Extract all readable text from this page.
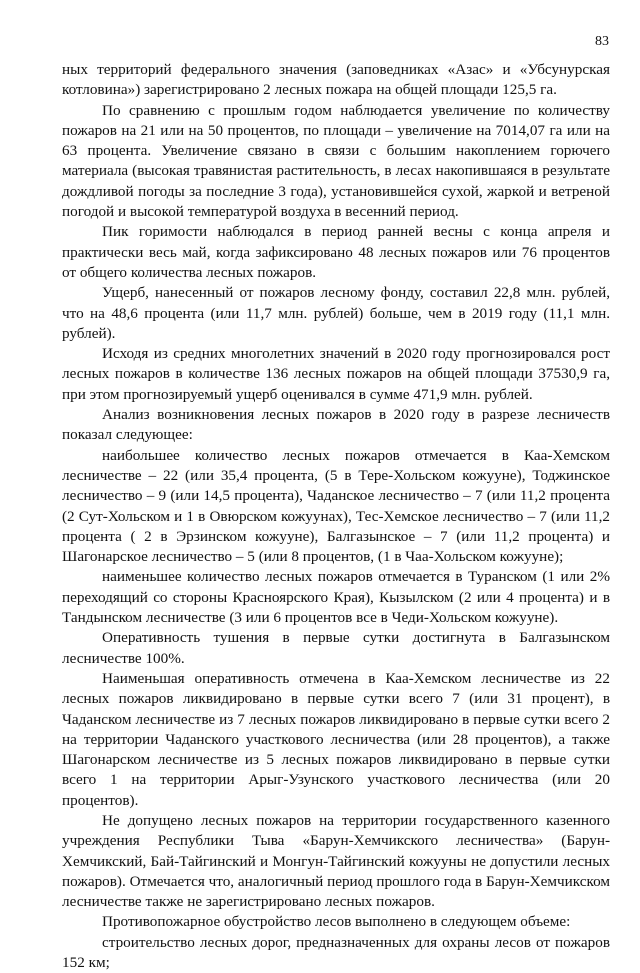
83

ных территорий федерального значения (заповедниках «Азас» и «Убсунурская котловина») зарегистрировано 2 лесных пожара на общей площади 125,5 га.

По сравнению с прошлым годом наблюдается увеличение по количеству пожаров на 21 или на 50 процентов, по площади – увеличение на 7014,07 га или на 63 процента. Увеличение связано в связи с большим накоплением горючего материала (высокая травянистая растительность, в лесах накопившаяся в результате дождливой погоды за последние 3 года), установившейся сухой, жаркой и ветреной погодой и высокой температурой воздуха в весенний период.

Пик горимости наблюдался в период ранней весны с конца апреля и практически весь май, когда зафиксировано 48 лесных пожаров или 76 процентов от общего количества лесных пожаров.

Ущерб, нанесенный от пожаров лесному фонду, составил 22,8 млн. рублей, что на 48,6 процента (или 11,7 млн. рублей) больше, чем в 2019 году (11,1 млн. рублей).

Исходя из средних многолетних значений в 2020 году прогнозировался рост лесных пожаров в количестве 136 лесных пожаров на общей площади 37530,9 га, при этом прогнозируемый ущерб оценивался в сумме 471,9 млн. рублей.

Анализ возникновения лесных пожаров в 2020 году в разрезе лесничеств показал следующее:

наибольшее количество лесных пожаров отмечается в Каа-Хемском лесничестве – 22 (или 35,4 процента, (5 в Тере-Хольском кожууне), Тоджинское лесничество – 9 (или 14,5 процента), Чаданское лесничество – 7 (или 11,2 процента (2 Сут-Хольском и 1 в Овюрском кожуунах), Тес-Хемское лесничество – 7 (или 11,2 процента ( 2 в Эрзинском кожууне), Балгазынское – 7 (или 11,2 процента) и Шагонарское лесничество – 5 (или 8 процентов, (1 в Чаа-Хольском кожууне);

наименьшее количество лесных пожаров отмечается в Туранском (1 или 2% переходящий со стороны Красноярского Края), Кызылском (2 или 4 процента) и в Тандынском лесничестве (3 или 6 процентов все в Чеди-Хольском кожууне).

Оперативность тушения в первые сутки достигнута в Балгазынском лесничестве 100%.

Наименьшая оперативность отмечена в Каа-Хемском лесничестве из 22 лесных пожаров ликвидировано в первые сутки всего 7 (или 31 процент), в Чаданском лесничестве из 7 лесных пожаров ликвидировано в первые сутки всего 2 на территории Чаданского участкового лесничества (или 28 процентов), а также Шагонарском лесничестве из 5 лесных пожаров ликвидировано в первые сутки всего 1 на территории Арыг-Узунского участкового лесничества (или 20 процентов).

Не допущено лесных пожаров на территории государственного казенного учреждения Республики Тыва «Барун-Хемчикского лесничества» (Барун-Хемчикский, Бай-Тайгинский и Монгун-Тайгинский кожууны не допустили лесных пожаров). Отмечается что, аналогичный период прошлого года в Барун-Хемчикском лесничестве также не зарегистрировано лесных пожаров.

Противопожарное обустройство лесов выполнено в следующем объеме:

строительство лесных дорог, предназначенных для охраны лесов от пожаров 152 км;
